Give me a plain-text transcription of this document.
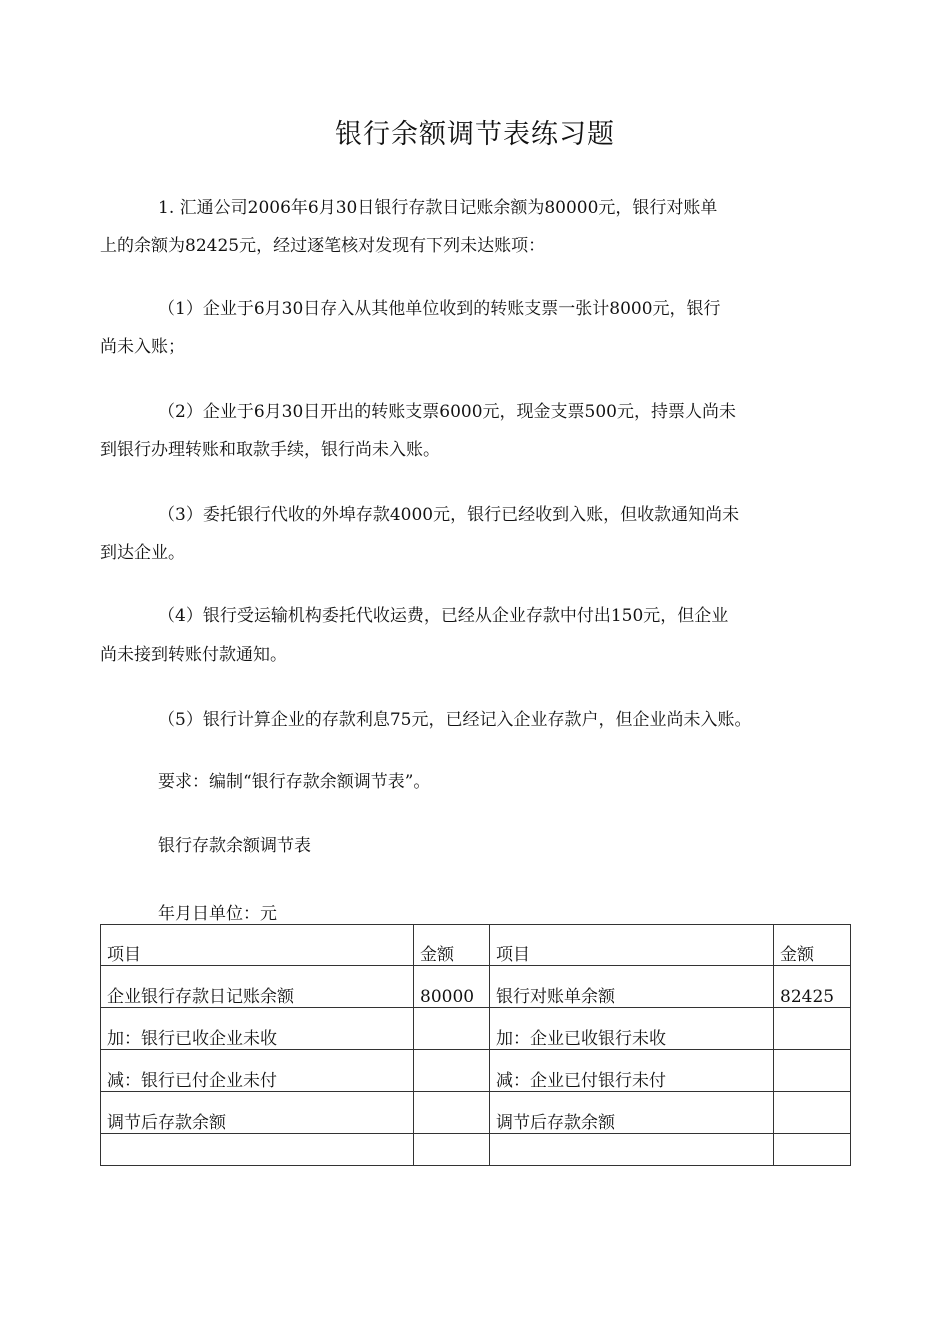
银行余额调节表练习题
1. 汇通公司2006年6月30日银行存款日记账余额为80000元，银行对账单
上的余额为82425元，经过逐笔核对发现有下列未达账项：
（1）企业于6月30日存入从其他单位收到的转账支票一张计8000元，银行
尚未入账；
（2）企业于6月30日开出的转账支票6000元，现金支票500元，持票人尚未
到银行办理转账和取款手续，银行尚未入账。
（3）委托银行代收的外埠存款4000元，银行已经收到入账，但收款通知尚未
到达企业。
（4）银行受运输机构委托代收运费，已经从企业存款中付出150元，但企业
尚未接到转账付款通知。
（5）银行计算企业的存款利息75元，已经记入企业存款户，但企业尚未入账。
要求：编制“银行存款余额调节表”。
银行存款余额调节表
年月日单位：元
项目	金额	项目	金额
企业银行存款日记账余额	80000	银行对账单余额	82425
加：银行已收企业未收		加：企业已收银行未收	
减：银行已付企业未付		减：企业已付银行未付	
调节后存款余额		调节后存款余额	
